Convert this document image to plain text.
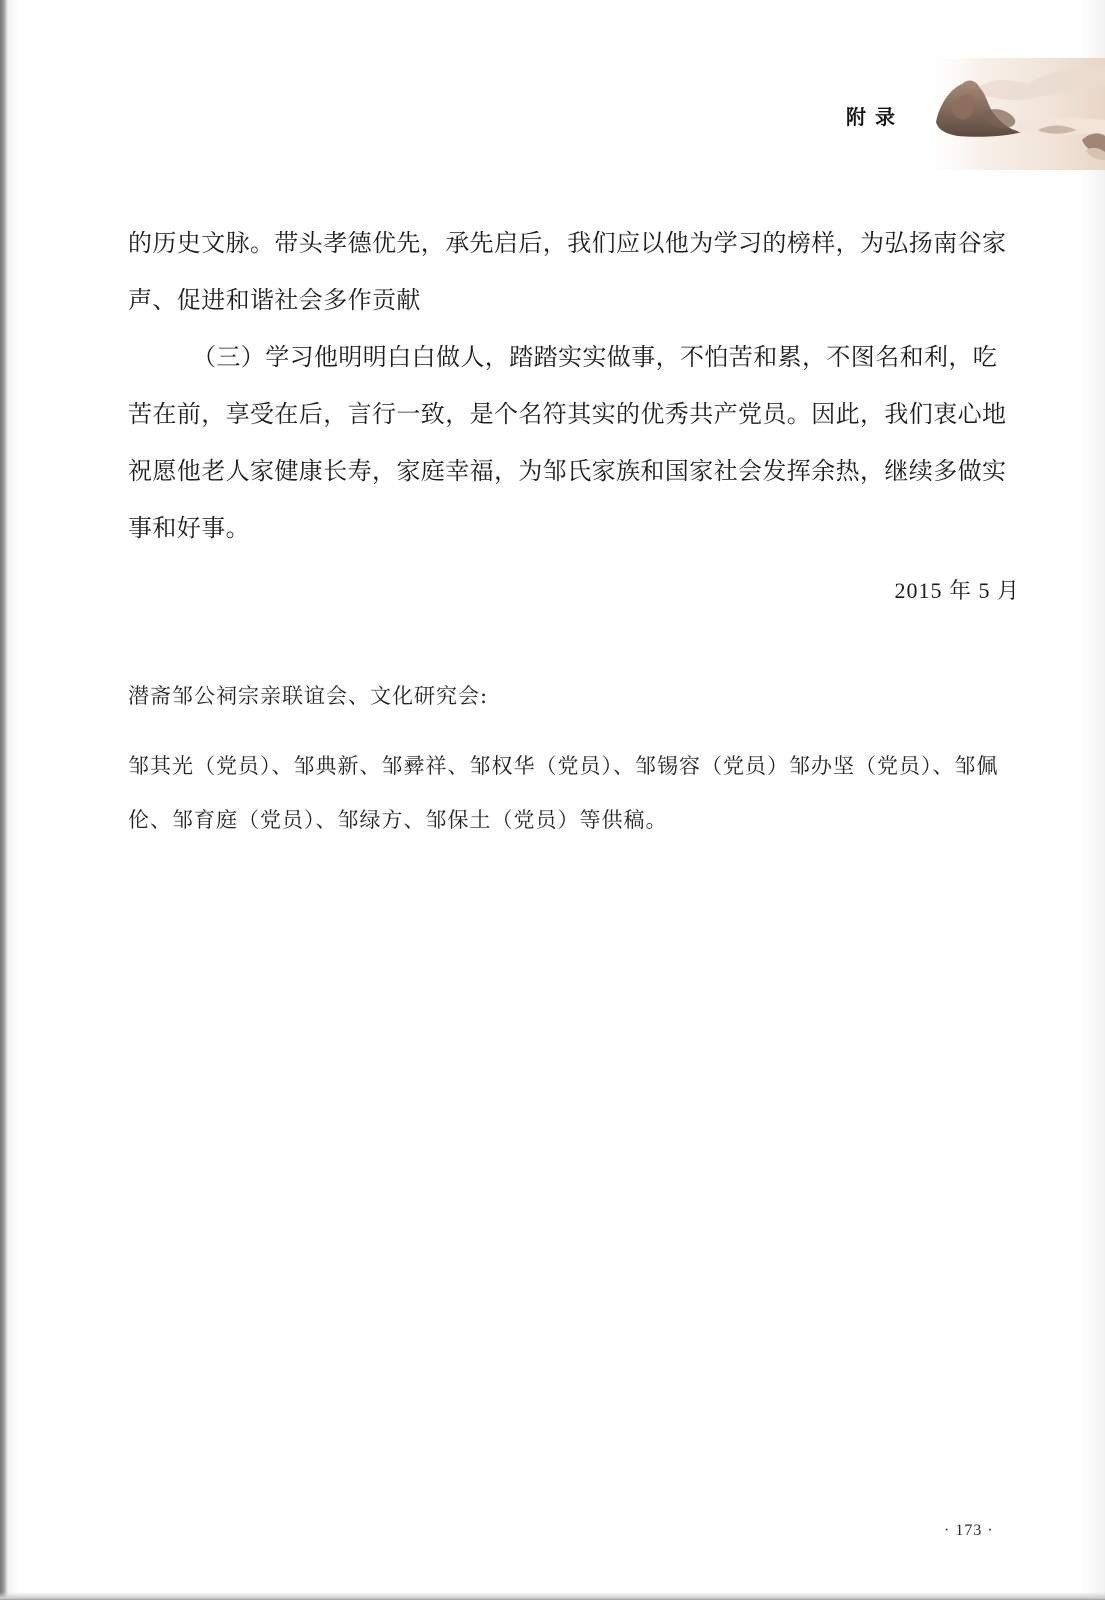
附录

的历史文脉。带头孝德优先，承先启后，我们应以他为学习的榜样，为弘扬南谷家声、促进和谐社会多作贡献

（三）学习他明明白白做人，踏踏实实做事，不怕苦和累，不图名和利，吃苦在前，享受在后，言行一致，是个名符其实的优秀共产党员。因此，我们衷心地祝愿他老人家健康长寿，家庭幸福，为邹氏家族和国家社会发挥余热，继续多做实事和好事。

2015 年 5 月
潜斋邹公祠宗亲联谊会、文化研究会:
邹其光（党员）、邹典新、邹彛祥、邹权华（党员）、邹锡容（党员）邹办坚（党员）、邹佩伦、邹育庭（党员）、邹绿方、邹保土（党员）等供稿。
· 173 ·
